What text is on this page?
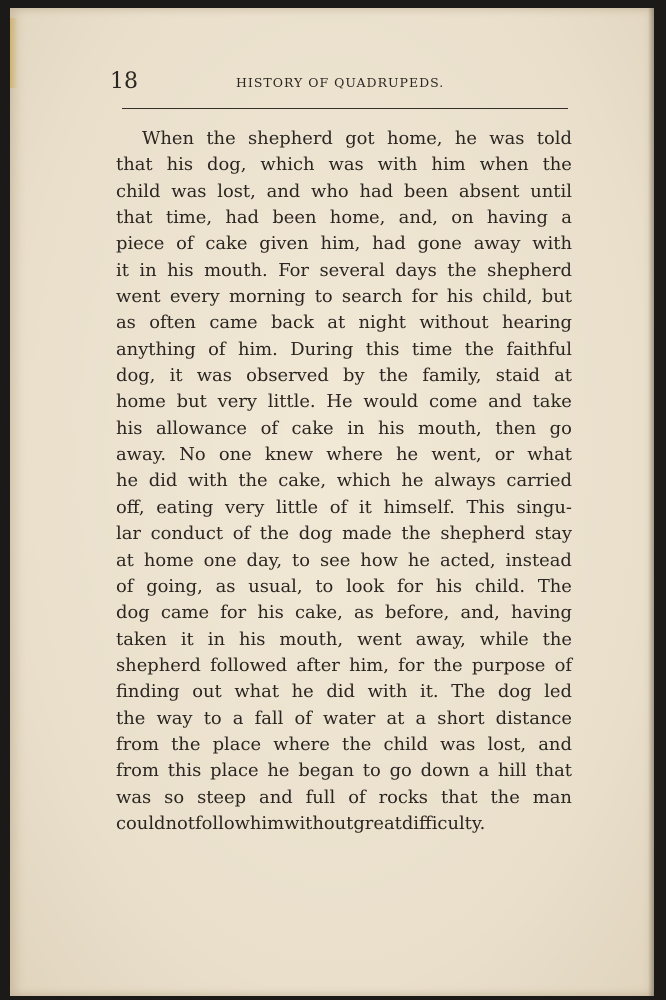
18	HISTORY OF QUADRUPEDS.
When the shepherd got home, he was told
that his dog, which was with him when the
child was lost, and who had been absent until
that time, had been home, and, on having a
piece of cake given him, had gone away with
it in his mouth. For several days the shepherd
went every morning to search for his child, but
as often came back at night without hearing
anything of him. During this time the faithful
dog, it was observed by the family, staid at
home but very little. He would come and take
his allowance of cake in his mouth, then go
away. No one knew where he went, or what
he did with the cake, which he always carried
off, eating very little of it himself. This singu-
lar conduct of the dog made the shepherd stay
at home one day, to see how he acted, instead
of going, as usual, to look for his child. The
dog came for his cake, as before, and, having
taken it in his mouth, went away, while the
shepherd followed after him, for the purpose of
finding out what he did with it. The dog led
the way to a fall of water at a short distance
from the place where the child was lost, and
from this place he began to go down a hill that
was so steep and full of rocks that the man
could not follow him without great difficulty.
